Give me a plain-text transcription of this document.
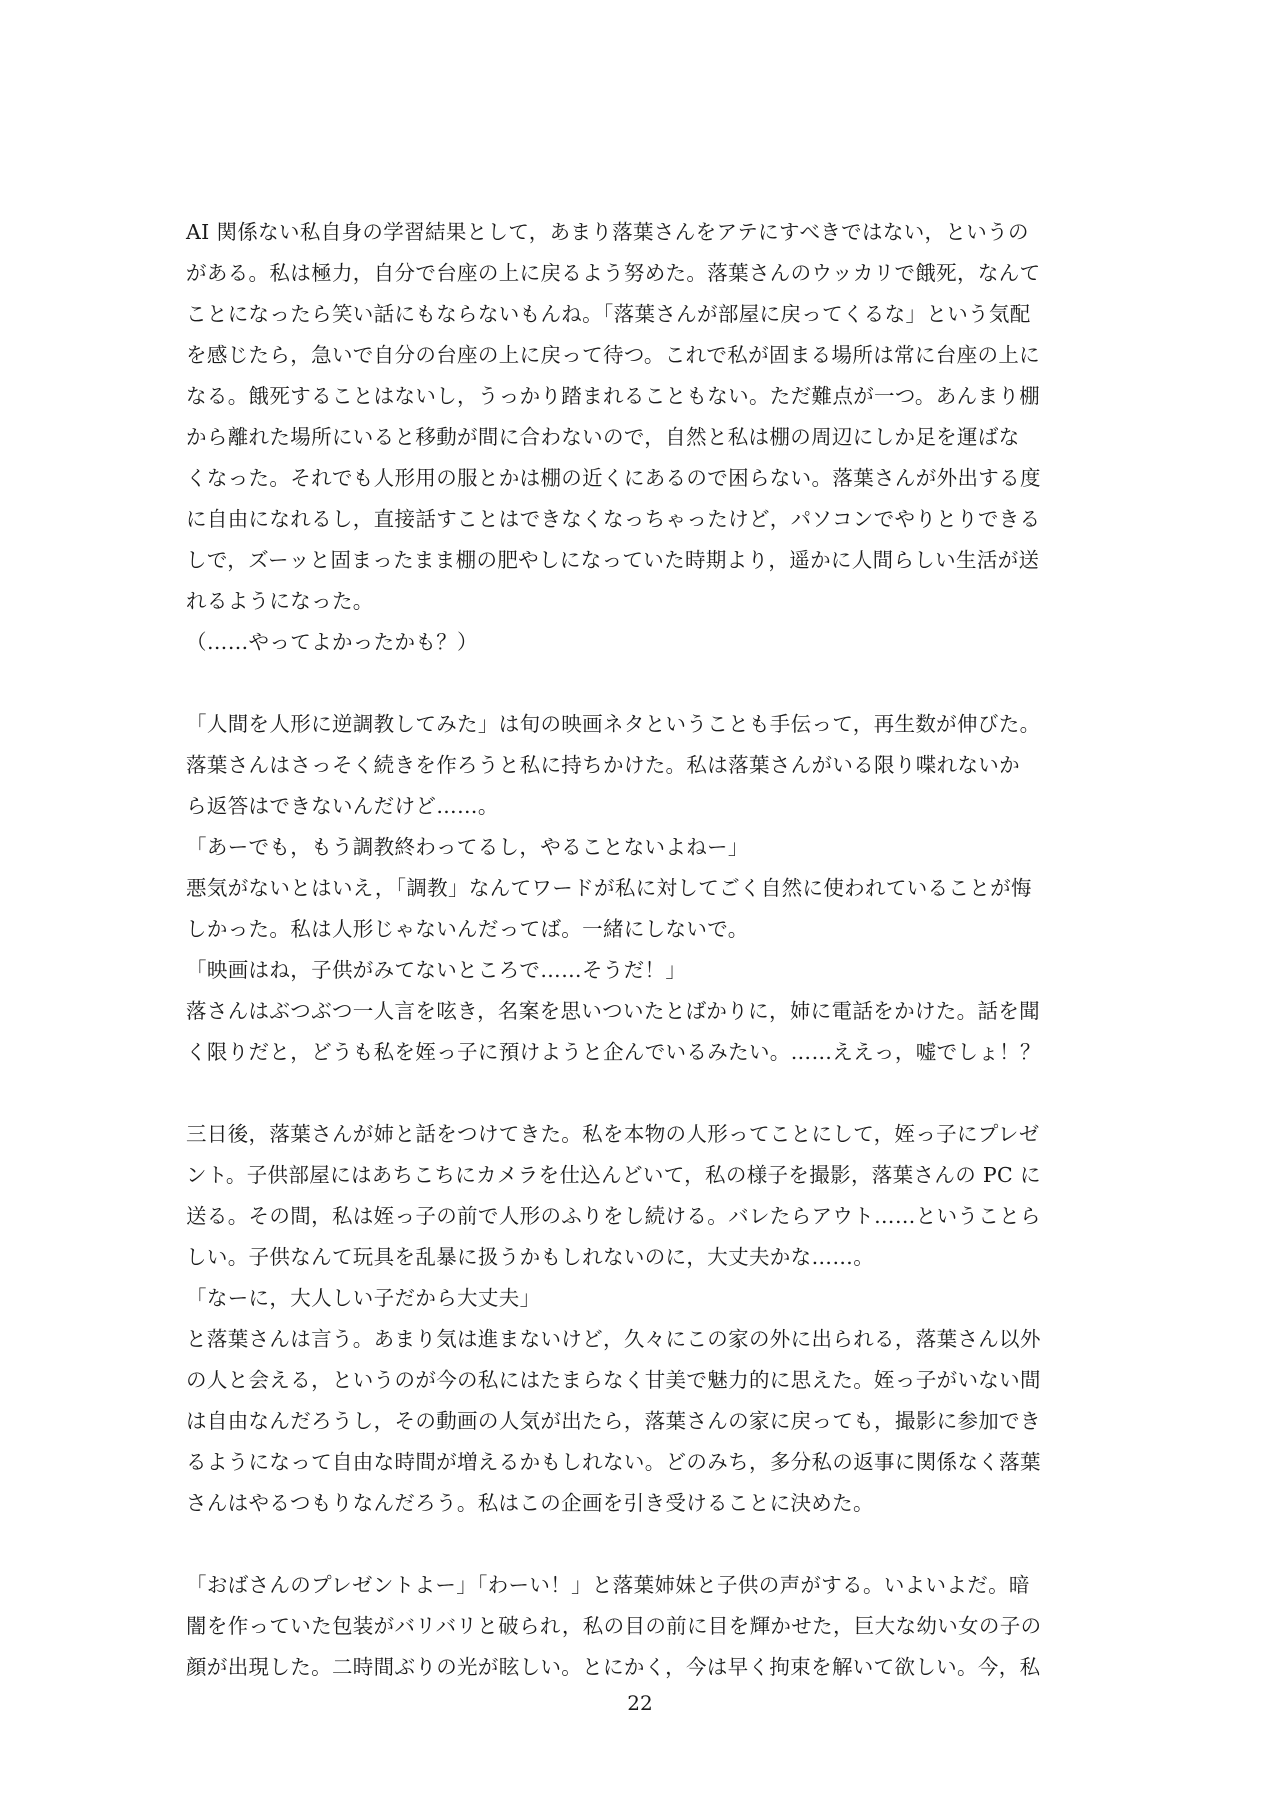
AI 関係ない私自身の学習結果として，あまり落葉さんをアテにすべきではない，というの
がある。私は極力，自分で台座の上に戻るよう努めた。落葉さんのウッカリで餓死，なんて
ことになったら笑い話にもならないもんね。「落葉さんが部屋に戻ってくるな」という気配
を感じたら，急いで自分の台座の上に戻って待つ。これで私が固まる場所は常に台座の上に
なる。餓死することはないし，うっかり踏まれることもない。ただ難点が一つ。あんまり棚
から離れた場所にいると移動が間に合わないので，自然と私は棚の周辺にしか足を運ばな
くなった。それでも人形用の服とかは棚の近くにあるので困らない。落葉さんが外出する度
に自由になれるし，直接話すことはできなくなっちゃったけど，パソコンでやりとりできる
しで，ズーッと固まったまま棚の肥やしになっていた時期より，遥かに人間らしい生活が送
れるようになった。
（……やってよかったかも？）
「人間を人形に逆調教してみた」は旬の映画ネタということも手伝って，再生数が伸びた。
落葉さんはさっそく続きを作ろうと私に持ちかけた。私は落葉さんがいる限り喋れないか
ら返答はできないんだけど……。
「あーでも，もう調教終わってるし，やることないよねー」
悪気がないとはいえ，「調教」なんてワードが私に対してごく自然に使われていることが悔
しかった。私は人形じゃないんだってば。一緒にしないで。
「映画はね，子供がみてないところで……そうだ！」
落さんはぶつぶつ一人言を呟き，名案を思いついたとばかりに，姉に電話をかけた。話を聞
く限りだと，どうも私を姪っ子に預けようと企んでいるみたい。……ええっ，嘘でしょ！？
三日後，落葉さんが姉と話をつけてきた。私を本物の人形ってことにして，姪っ子にプレゼ
ント。子供部屋にはあちこちにカメラを仕込んどいて，私の様子を撮影，落葉さんの PC に
送る。その間，私は姪っ子の前で人形のふりをし続ける。バレたらアウト……ということら
しい。子供なんて玩具を乱暴に扱うかもしれないのに，大丈夫かな……。
「なーに，大人しい子だから大丈夫」
と落葉さんは言う。あまり気は進まないけど，久々にこの家の外に出られる，落葉さん以外
の人と会える，というのが今の私にはたまらなく甘美で魅力的に思えた。姪っ子がいない間
は自由なんだろうし，その動画の人気が出たら，落葉さんの家に戻っても，撮影に参加でき
るようになって自由な時間が増えるかもしれない。どのみち，多分私の返事に関係なく落葉
さんはやるつもりなんだろう。私はこの企画を引き受けることに決めた。
「おばさんのプレゼントよー」「わーい！」と落葉姉妹と子供の声がする。いよいよだ。暗
闇を作っていた包装がバリバリと破られ，私の目の前に目を輝かせた，巨大な幼い女の子の
顔が出現した。二時間ぶりの光が眩しい。とにかく，今は早く拘束を解いて欲しい。今，私
22
